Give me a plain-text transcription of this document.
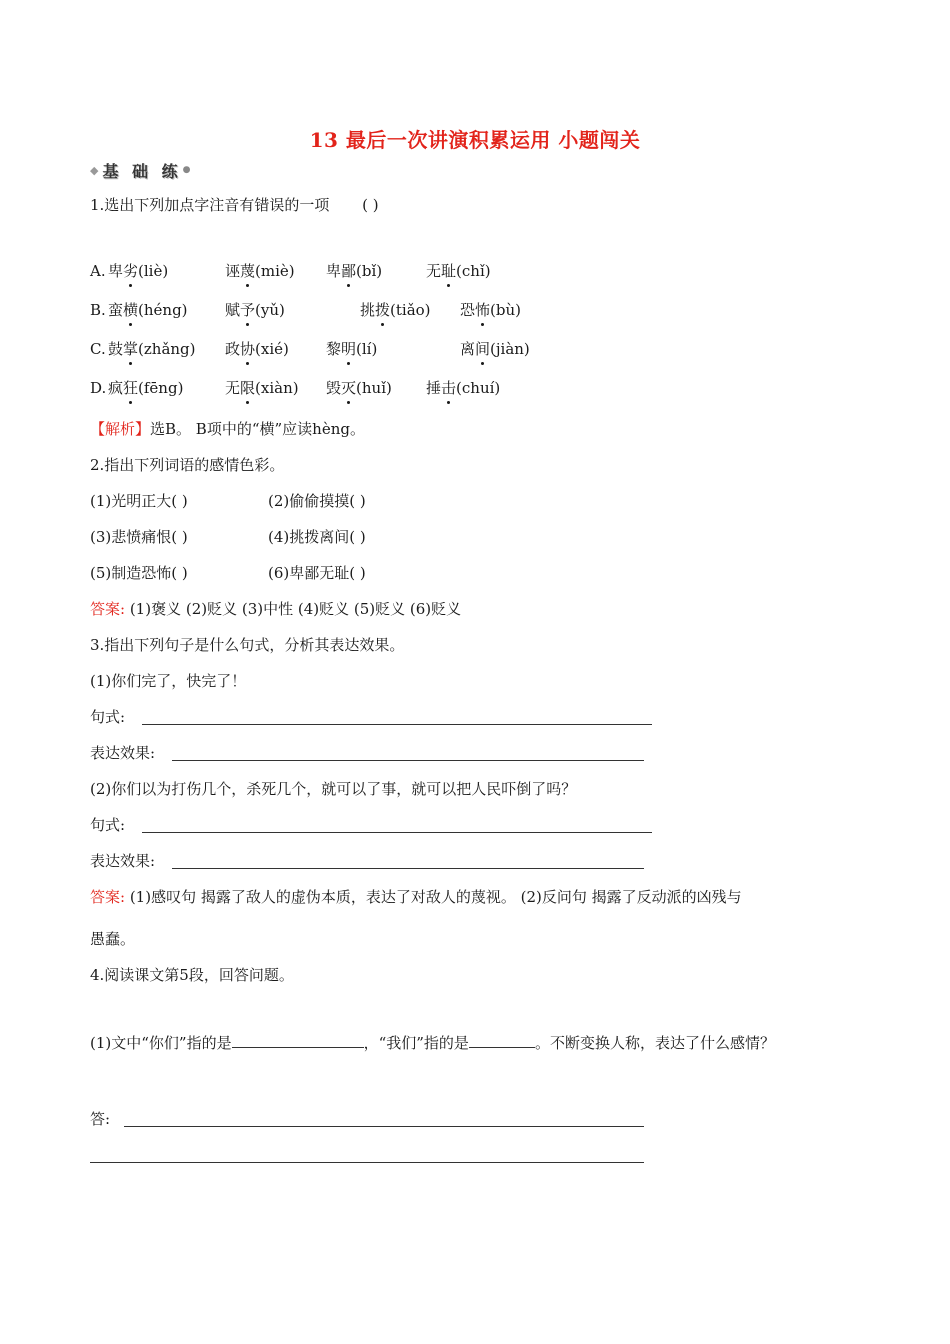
13 最后一次讲演积累运用 小题闯关
◆ 基 础 练 ●
1.选出下列加点字注音有错误的一项 ( )
A. 卑劣(liè)	诬蔑(miè) 卑鄙(bǐ)	无耻(chǐ)
B. 蛮横(héng) 赋予(yǔ)	挑拨(tiǎo) 恐怖(bù)
C. 鼓掌(zhǎng) 政协(xié) 黎明(lí)	离间(jiàn)
D. 疯狂(fēng)	无限(xiàn) 毁灭(huǐ) 捶击(chuí)
【解析】选B。 B项中的“横”应读hèng。
2.指出下列词语的感情色彩。
(1)光明正大( )	(2)偷偷摸摸( )
(3)悲愤痛恨( )	(4)挑拨离间( )
(5)制造恐怖( )	(6)卑鄙无耻( )
答案: (1)褒义 (2)贬义 (3)中性 (4)贬义 (5)贬义 (6)贬义
3.指出下列句子是什么句式，分析其表达效果。
(1)你们完了，快完了！
句式:
表达效果:
(2)你们以为打伤几个，杀死几个，就可以了事，就可以把人民吓倒了吗？
句式:
表达效果:
答案: (1)感叹句 揭露了敌人的虚伪本质，表达了对敌人的蔑视。 (2)反问句 揭露了反动派的凶残与
愚蠢。
4.阅读课文第5段，回答问题。
(1)文中“你们”指的是	，“我们”指的是	。不断变换人称，表达了什么感情？
答:
